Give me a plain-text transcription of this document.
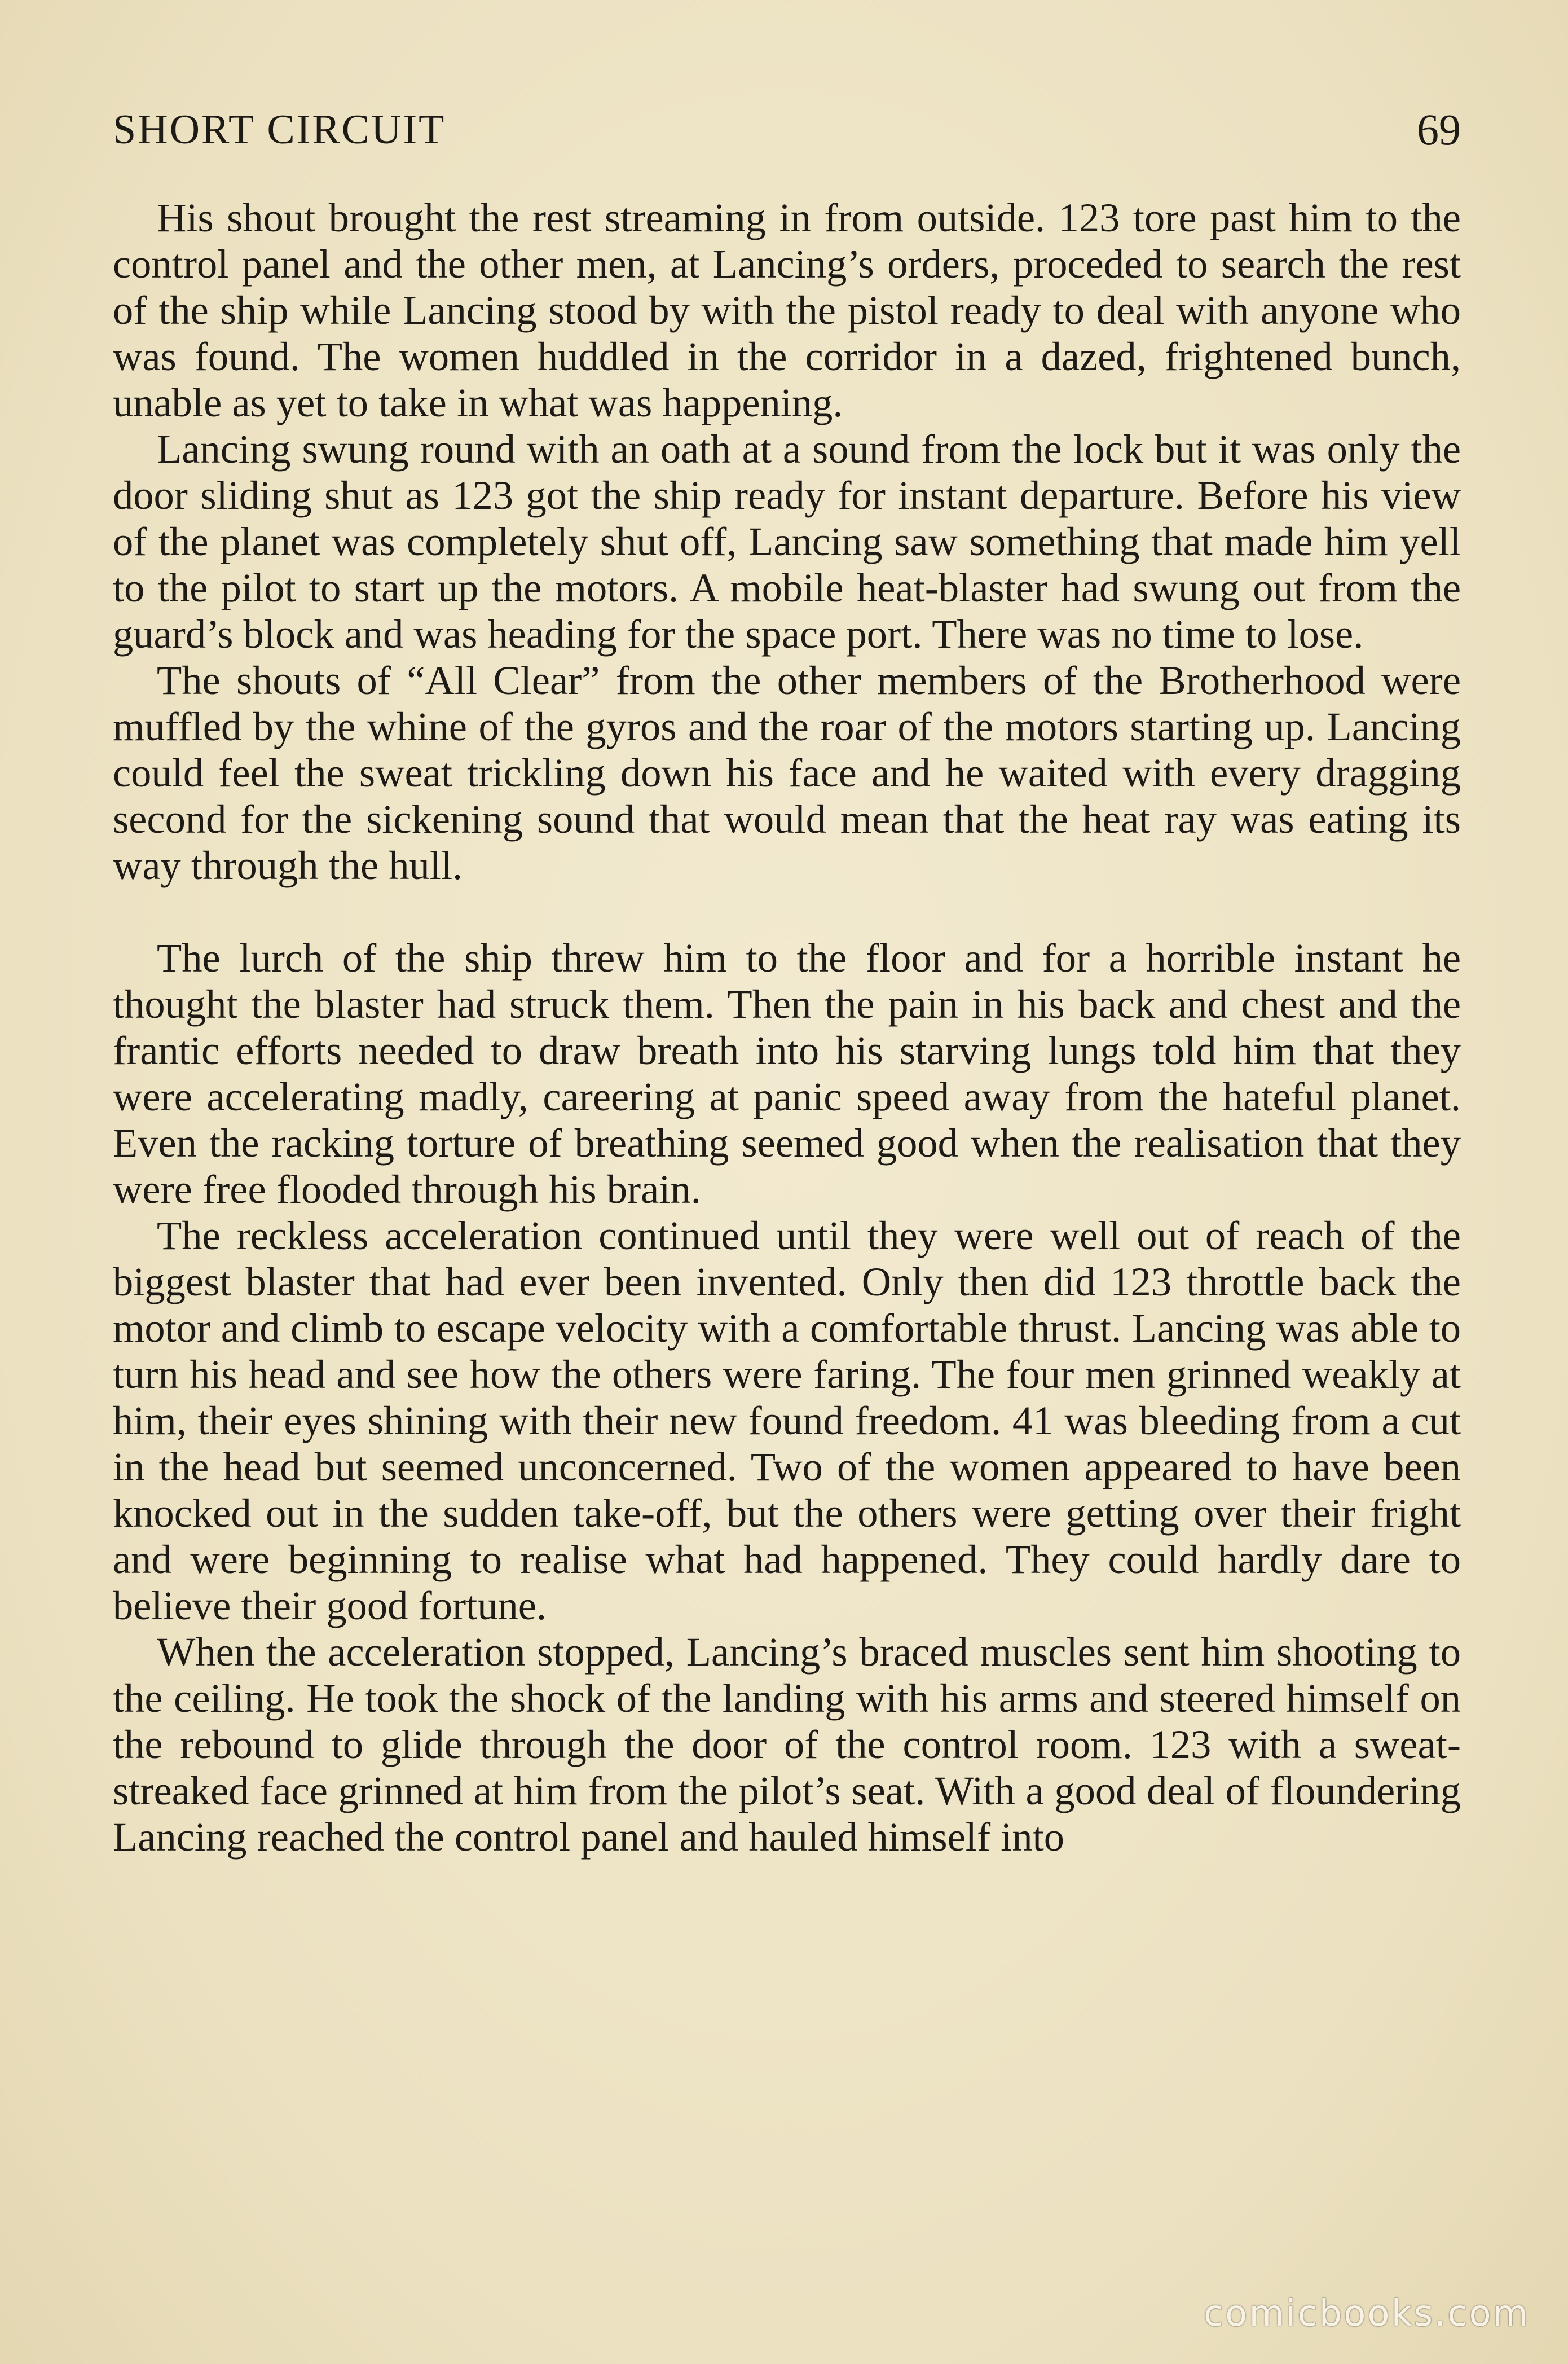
SHORT CIRCUIT	69

His shout brought the rest streaming in from outside. 123 tore past him to the control panel and the other men, at Lancing’s orders, proceded to search the rest of the ship while Lancing stood by with the pistol ready to deal with anyone who was found. The women huddled in the corridor in a dazed, frightened bunch, unable as yet to take in what was happening.

Lancing swung round with an oath at a sound from the lock but it was only the door sliding shut as 123 got the ship ready for instant departure. Before his view of the planet was completely shut off, Lancing saw something that made him yell to the pilot to start up the motors. A mobile heat-blaster had swung out from the guard’s block and was heading for the space port. There was no time to lose.

The shouts of “All Clear” from the other members of the Brotherhood were muffled by the whine of the gyros and the roar of the motors starting up. Lancing could feel the sweat trickling down his face and he waited with every dragging second for the sickening sound that would mean that the heat ray was eating its way through the hull.

The lurch of the ship threw him to the floor and for a horrible instant he thought the blaster had struck them. Then the pain in his back and chest and the frantic efforts needed to draw breath into his starving lungs told him that they were accelerating madly, careering at panic speed away from the hateful planet. Even the racking torture of breathing seemed good when the realisation that they were free flooded through his brain.

The reckless acceleration continued until they were well out of reach of the biggest blaster that had ever been invented. Only then did 123 throttle back the motor and climb to escape velocity with a comfortable thrust. Lancing was able to turn his head and see how the others were faring. The four men grinned weakly at him, their eyes shining with their new found freedom. 41 was bleeding from a cut in the head but seemed unconcerned. Two of the women appeared to have been knocked out in the sudden take-off, but the others were getting over their fright and were beginning to realise what had happened. They could hardly dare to believe their good fortune.

When the acceleration stopped, Lancing’s braced muscles sent him shooting to the ceiling. He took the shock of the landing with his arms and steered himself on the rebound to glide through the door of the control room. 123 with a sweat-streaked face grinned at him from the pilot’s seat. With a good deal of floundering Lancing reached the control panel and hauled himself into

comicbooks.com
